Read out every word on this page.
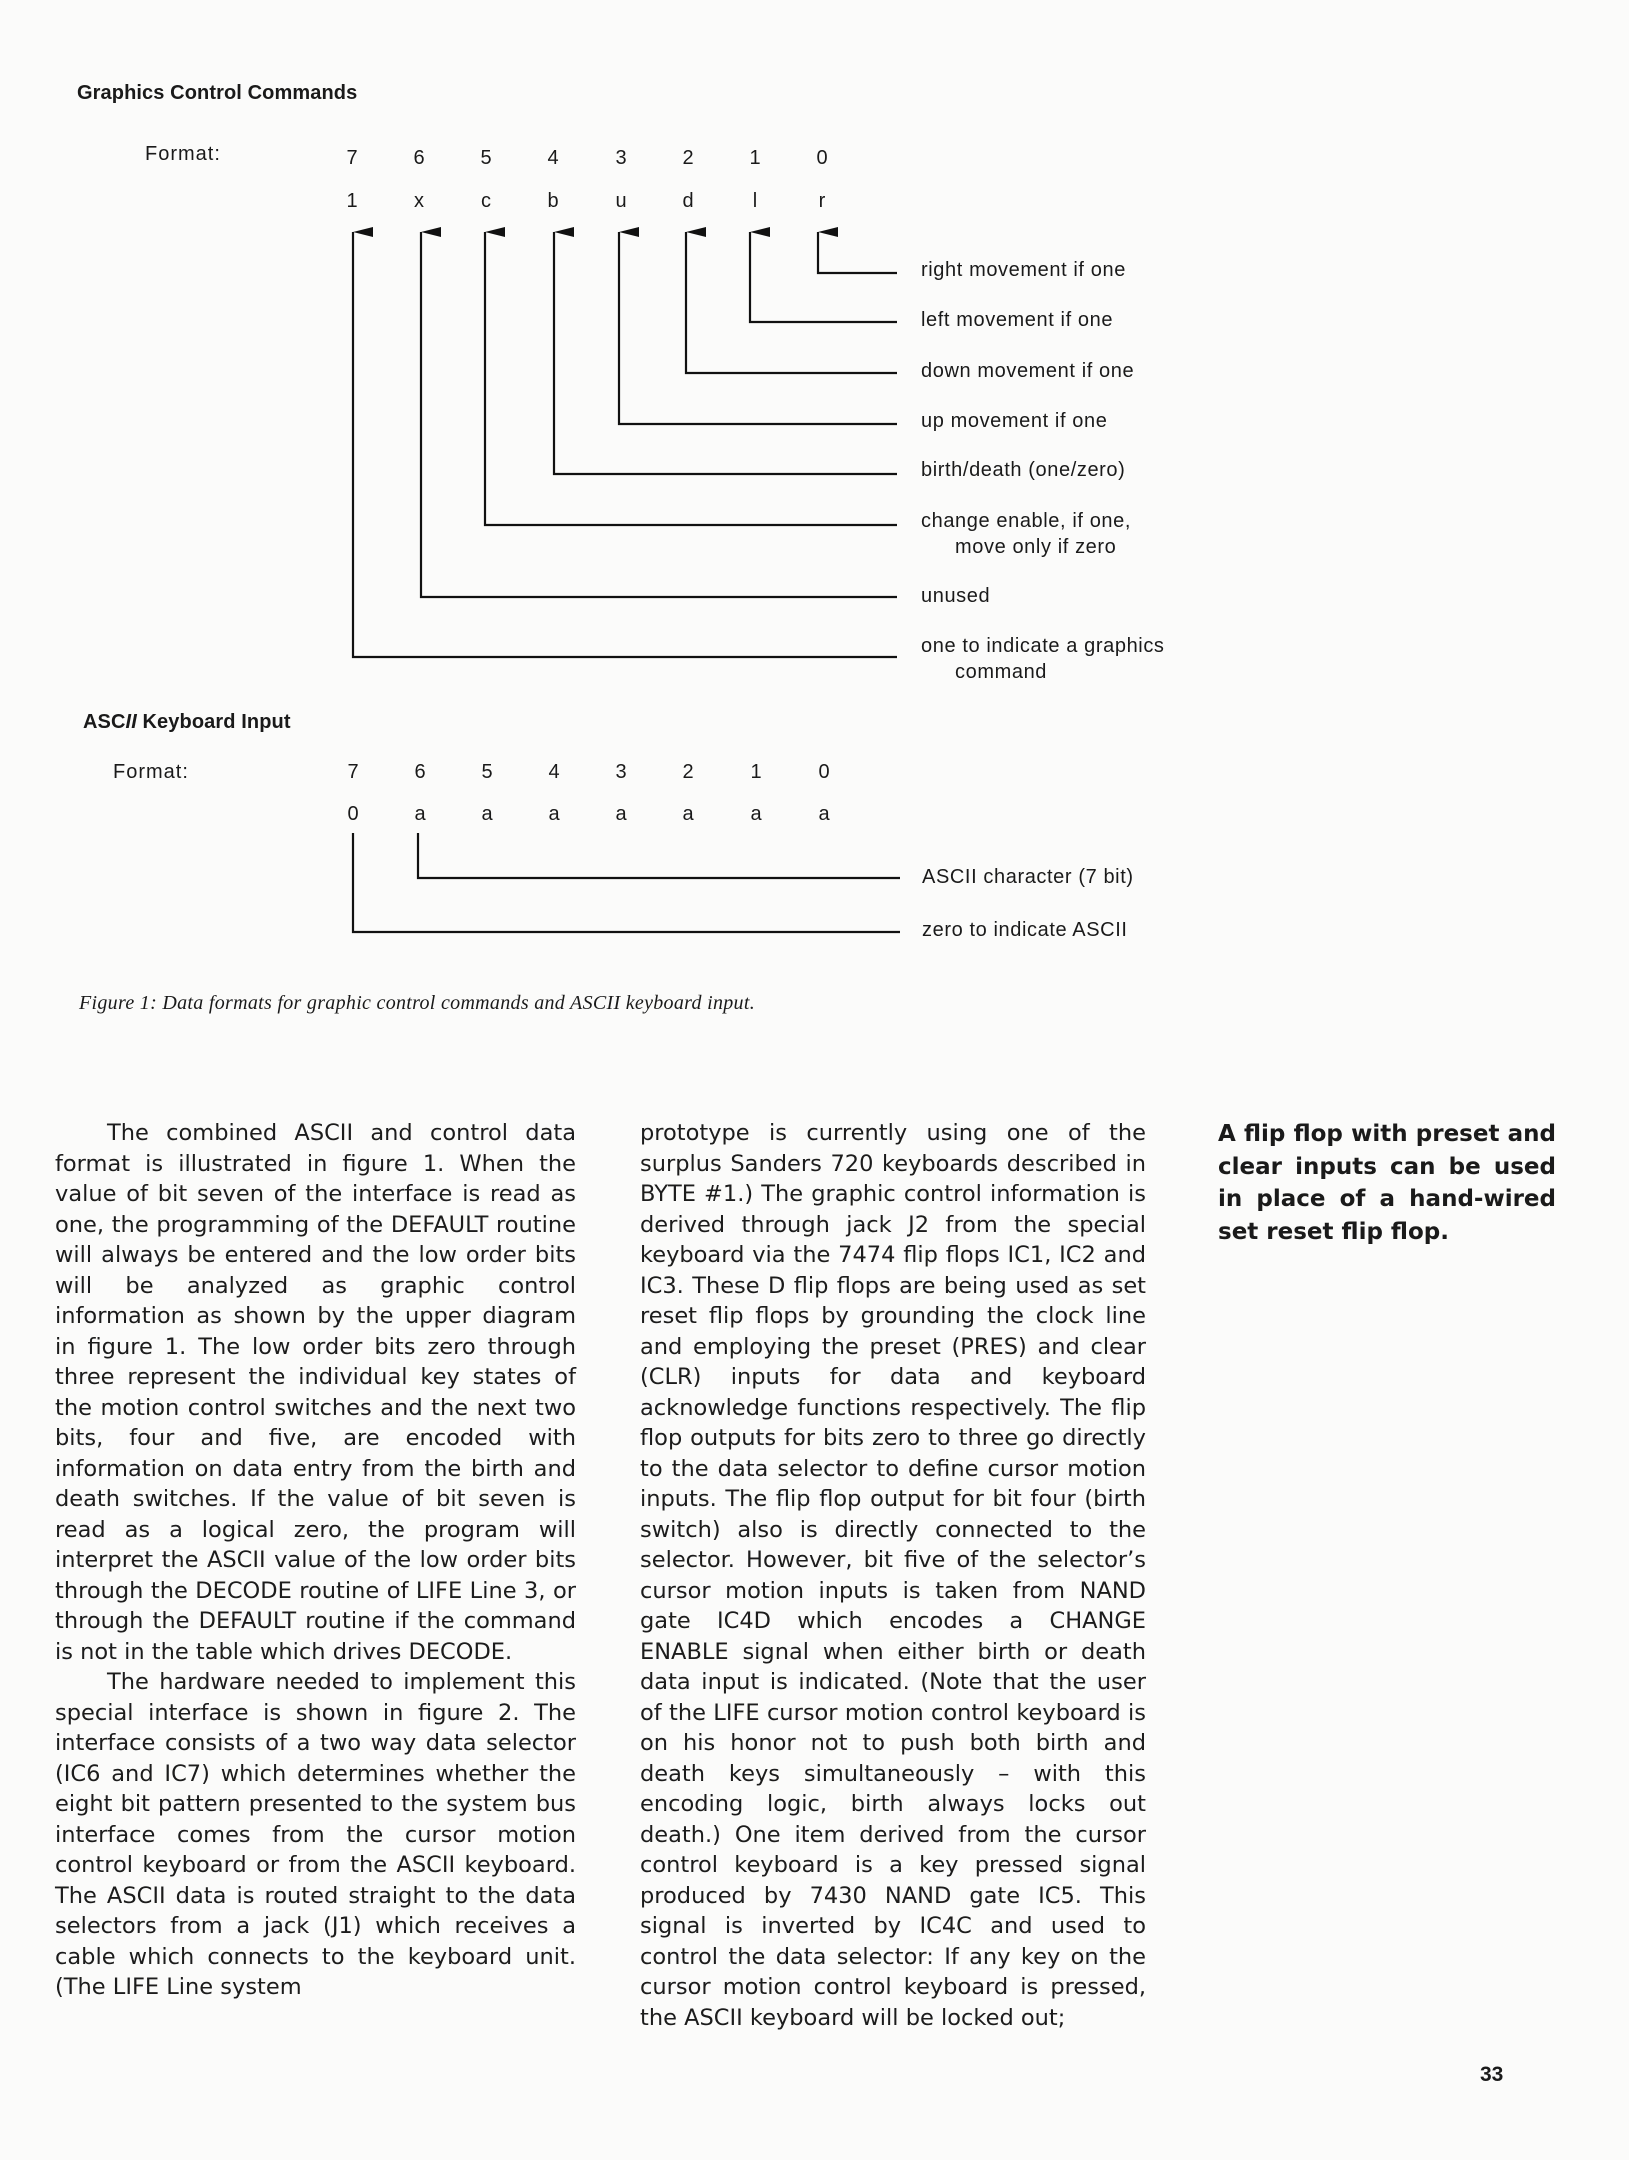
Graphics Control Commands
Format:	7	6	5	4	3	2	1	0
1	x	c	b	u	d	l	r
right movement if one
left movement if one
down movement if one
up movement if one
birth/death (one/zero)
change enable, if one,
move only if zero
unused
one to indicate a graphics
command
ASCII Keyboard Input
Format:	7	6	5	4	3	2	1	0
0	a	a	a	a	a	a	a
ASCII character (7 bit)
zero to indicate ASCII
Figure 1: Data formats for graphic control commands and ASCII keyboard input.

The combined ASCII and control data format is illustrated in figure 1. When the value of bit seven of the interface is read as one, the programming of the DEFAULT routine will always be entered and the low order bits will be analyzed as graphic control information as shown by the upper diagram in figure 1. The low order bits zero through three represent the individual key states of the motion control switches and the next two bits, four and five, are encoded with information on data entry from the birth and death switches. If the value of bit seven is read as a logical zero, the program will interpret the ASCII value of the low order bits through the DECODE routine of LIFE Line 3, or through the DEFAULT routine if the command is not in the table which drives DECODE.

The hardware needed to implement this special interface is shown in figure 2. The interface consists of a two way data selector (IC6 and IC7) which determines whether the eight bit pattern presented to the system bus interface comes from the cursor motion control keyboard or from the ASCII keyboard. The ASCII data is routed straight to the data selectors from a jack (J1) which receives a cable which connects to the keyboard unit. (The LIFE Line system

prototype is currently using one of the surplus Sanders 720 keyboards described in BYTE #1.) The graphic control information is derived through jack J2 from the special keyboard via the 7474 flip flops IC1, IC2 and IC3. These D flip flops are being used as set reset flip flops by grounding the clock line and employing the preset (PRES) and clear (CLR) inputs for data and keyboard acknowledge functions respectively. The flip flop outputs for bits zero to three go directly to the data selector to define cursor motion inputs. The flip flop output for bit four (birth switch) also is directly connected to the selector. However, bit five of the selector’s cursor motion inputs is taken from NAND gate IC4D which encodes a CHANGE ENABLE signal when either birth or death data input is indicated. (Note that the user of the LIFE cursor motion control keyboard is on his honor not to push both birth and death keys simultaneously – with this encoding logic, birth always locks out death.) One item derived from the cursor control keyboard is a key pressed signal produced by 7430 NAND gate IC5. This signal is inverted by IC4C and used to control the data selector: If any key on the cursor motion control keyboard is pressed, the ASCII keyboard will be locked out;

A flip flop with preset and clear inputs can be used in place of a hand-wired set reset flip flop.
33
